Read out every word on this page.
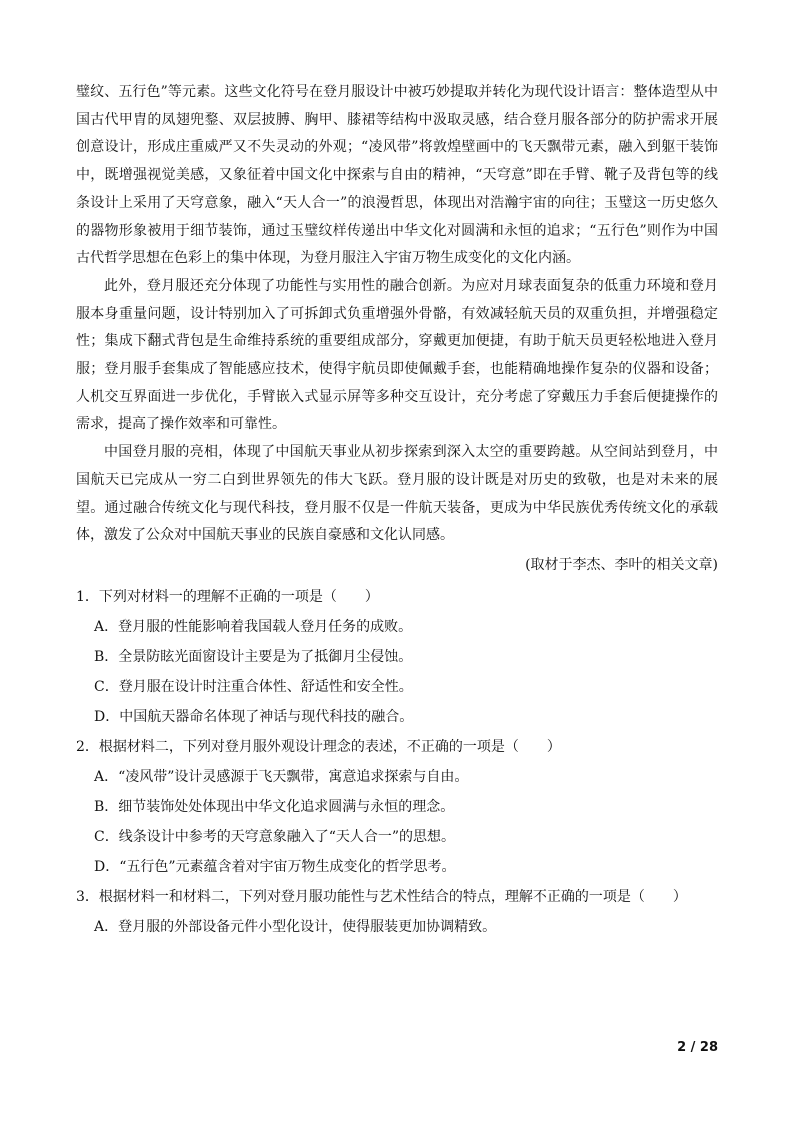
璧纹、五行色”等元素。这些文化符号在登月服设计中被巧妙提取并转化为现代设计语言：整体造型从中国古代甲胄的凤翅兜鍪、双层披膊、胸甲、膝裙等结构中汲取灵感，结合登月服各部分的防护需求开展创意设计，形成庄重威严又不失灵动的外观；“凌风带”将敦煌壁画中的飞天飘带元素，融入到躯干装饰中，既增强视觉美感，又象征着中国文化中探索与自由的精神，“天穹意”即在手臂、靴子及背包等的线条设计上采用了天穹意象，融入“天人合一”的浪漫哲思，体现出对浩瀚宇宙的向往；玉璧这一历史悠久的器物形象被用于细节装饰，通过玉璧纹样传递出中华文化对圆满和永恒的追求；“五行色”则作为中国古代哲学思想在色彩上的集中体现，为登月服注入宇宙万物生成变化的文化内涵。

此外，登月服还充分体现了功能性与实用性的融合创新。为应对月球表面复杂的低重力环境和登月服本身重量问题，设计特别加入了可拆卸式负重增强外骨骼，有效减轻航天员的双重负担，并增强稳定性；集成下翻式背包是生命维持系统的重要组成部分，穿戴更加便捷，有助于航天员更轻松地进入登月服；登月服手套集成了智能感应技术，使得宇航员即使佩戴手套，也能精确地操作复杂的仪器和设备；人机交互界面进一步优化，手臂嵌入式显示屏等多种交互设计，充分考虑了穿戴压力手套后便捷操作的需求，提高了操作效率和可靠性。

中国登月服的亮相，体现了中国航天事业从初步探索到深入太空的重要跨越。从空间站到登月，中国航天已完成从一穷二白到世界领先的伟大飞跃。登月服的设计既是对历史的致敬，也是对未来的展望。通过融合传统文化与现代科技，登月服不仅是一件航天装备，更成为中华民族优秀传统文化的承载体，激发了公众对中国航天事业的民族自豪感和文化认同感。

(取材于李杰、李叶的相关文章)

1．下列对材料一的理解不正确的一项是（　　）

A．登月服的性能影响着我国载人登月任务的成败。

B．全景防眩光面窗设计主要是为了抵御月尘侵蚀。

C．登月服在设计时注重合体性、舒适性和安全性。

D．中国航天器命名体现了神话与现代科技的融合。

2．根据材料二，下列对登月服外观设计理念的表述，不正确的一项是（　　）

A．“凌风带”设计灵感源于飞天飘带，寓意追求探索与自由。

B．细节装饰处处体现出中华文化追求圆满与永恒的理念。

C．线条设计中参考的天穹意象融入了“天人合一”的思想。

D．“五行色”元素蕴含着对宇宙万物生成变化的哲学思考。

3．根据材料一和材料二，下列对登月服功能性与艺术性结合的特点，理解不正确的一项是（　　）

A．登月服的外部设备元件小型化设计，使得服装更加协调精致。

2 / 28
